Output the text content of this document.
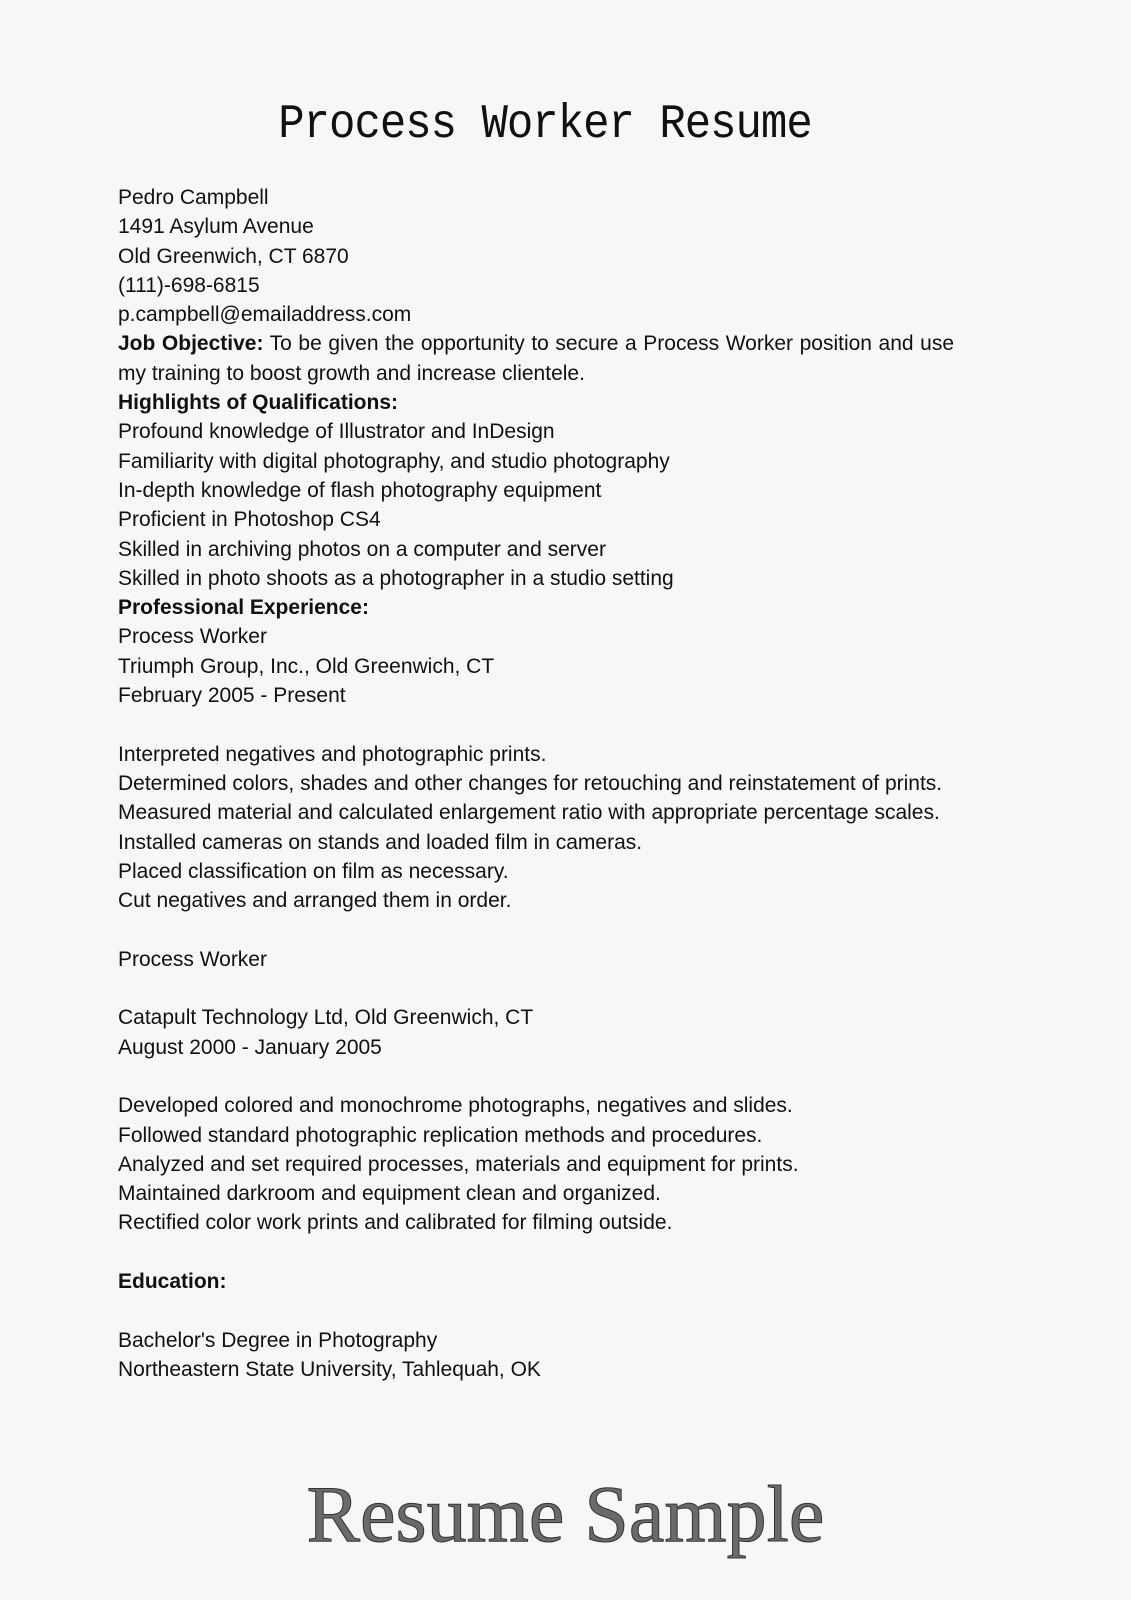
Process Worker Resume

Pedro Campbell

1491 Asylum Avenue

Old Greenwich, CT 6870

(111)-698-6815

p.campbell@emailaddress.com

Job Objective: To be given the opportunity to secure a Process Worker position and use my training to boost growth and increase clientele.

Highlights of Qualifications:

Profound knowledge of Illustrator and InDesign

Familiarity with digital photography, and studio photography

In-depth knowledge of flash photography equipment

Proficient in Photoshop CS4

Skilled in archiving photos on a computer and server

Skilled in photo shoots as a photographer in a studio setting

Professional Experience:

Process Worker

Triumph Group, Inc., Old Greenwich, CT

February 2005 - Present

Interpreted negatives and photographic prints.

Determined colors, shades and other changes for retouching and reinstatement of prints.

Measured material and calculated enlargement ratio with appropriate percentage scales.

Installed cameras on stands and loaded film in cameras.

Placed classification on film as necessary.

Cut negatives and arranged them in order.

Process Worker

Catapult Technology Ltd, Old Greenwich, CT

August 2000 - January 2005

Developed colored and monochrome photographs, negatives and slides.

Followed standard photographic replication methods and procedures.

Analyzed and set required processes, materials and equipment for prints.

Maintained darkroom and equipment clean and organized.

Rectified color work prints and calibrated for filming outside.

Education:

Bachelor's Degree in Photography

Northeastern State University, Tahlequah, OK

Resume Sample
